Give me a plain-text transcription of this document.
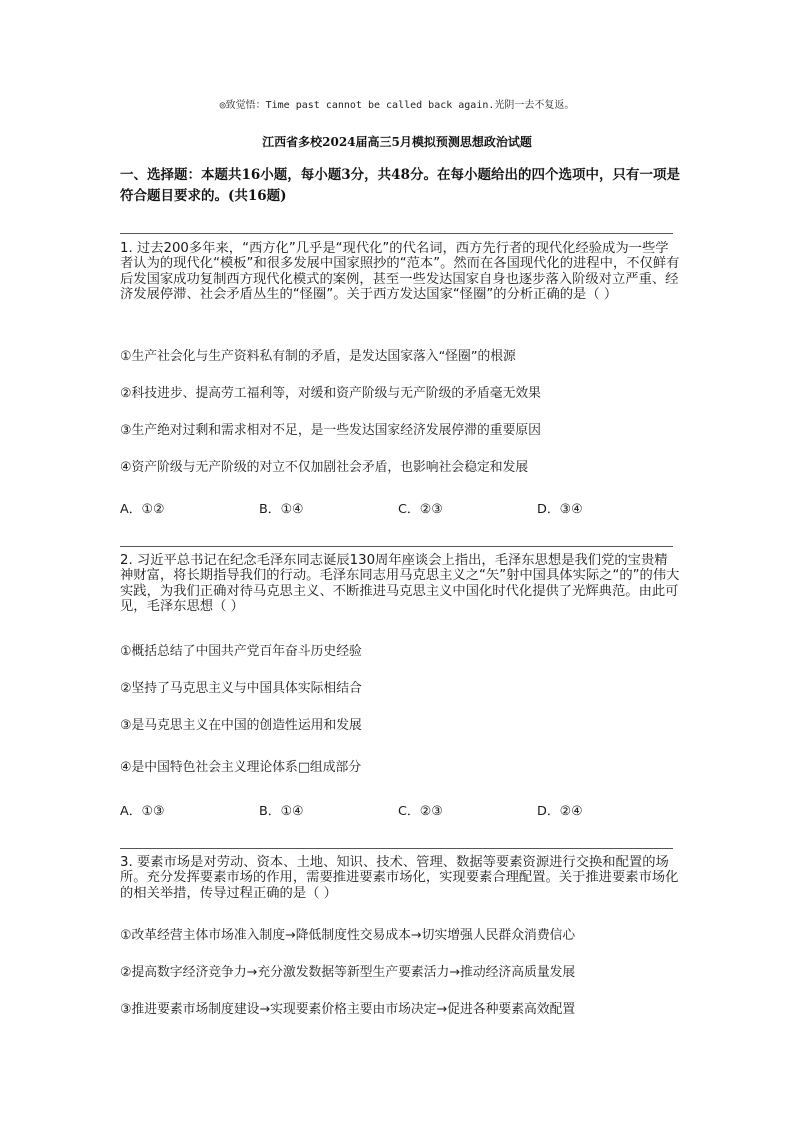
◎致觉悟：Time past cannot be called back again.光阴一去不复返。
江西省多校2024届高三5月模拟预测思想政治试题
一、选择题：本题共16小题，每小题3分，共48分。在每小题给出的四个选项中，只有一项是符合题目要求的。(共16题)
1. 过去200多年来，“西方化”几乎是“现代化”的代名词，西方先行者的现代化经验成为一些学者认为的现代化“模板”和很多发展中国家照抄的“范本”。然而在各国现代化的进程中，不仅鲜有后发国家成功复制西方现代化模式的案例，甚至一些发达国家自身也逐步落入阶级对立严重、经济发展停滞、社会矛盾丛生的“怪圈”。关于西方发达国家“怪圈”的分析正确的是（ ）
①生产社会化与生产资料私有制的矛盾，是发达国家落入“怪圈”的根源
②科技进步、提高劳工福利等，对缓和资产阶级与无产阶级的矛盾毫无效果
③生产绝对过剩和需求相对不足，是一些发达国家经济发展停滞的重要原因
④资产阶级与无产阶级的对立不仅加剧社会矛盾，也影响社会稳定和发展
A．①②	B．①④	C．②③	D．③④
2. 习近平总书记在纪念毛泽东同志诞辰130周年座谈会上指出，毛泽东思想是我们党的宝贵精神财富，将长期指导我们的行动。毛泽东同志用马克思主义之“矢”射中国具体实际之“的”的伟大实践，为我们正确对待马克思主义、不断推进马克思主义中国化时代化提供了光辉典范。由此可见，毛泽东思想（ ）
①概括总结了中国共产党百年奋斗历史经验
②坚持了马克思主义与中国具体实际相结合
③是马克思主义在中国的创造性运用和发展
④是中国特色社会主义理论体系□组成部分
A．①③	B．①④	C．②③	D．②④
3. 要素市场是对劳动、资本、土地、知识、技术、管理、数据等要素资源进行交换和配置的场所。充分发挥要素市场的作用，需要推进要素市场化，实现要素合理配置。关于推进要素市场化的相关举措，传导过程正确的是（ ）
①改革经营主体市场准入制度→降低制度性交易成本→切实增强人民群众消费信心
②提高数字经济竞争力→充分激发数据等新型生产要素活力→推动经济高质量发展
③推进要素市场制度建设→实现要素价格主要由市场决定→促进各种要素高效配置
